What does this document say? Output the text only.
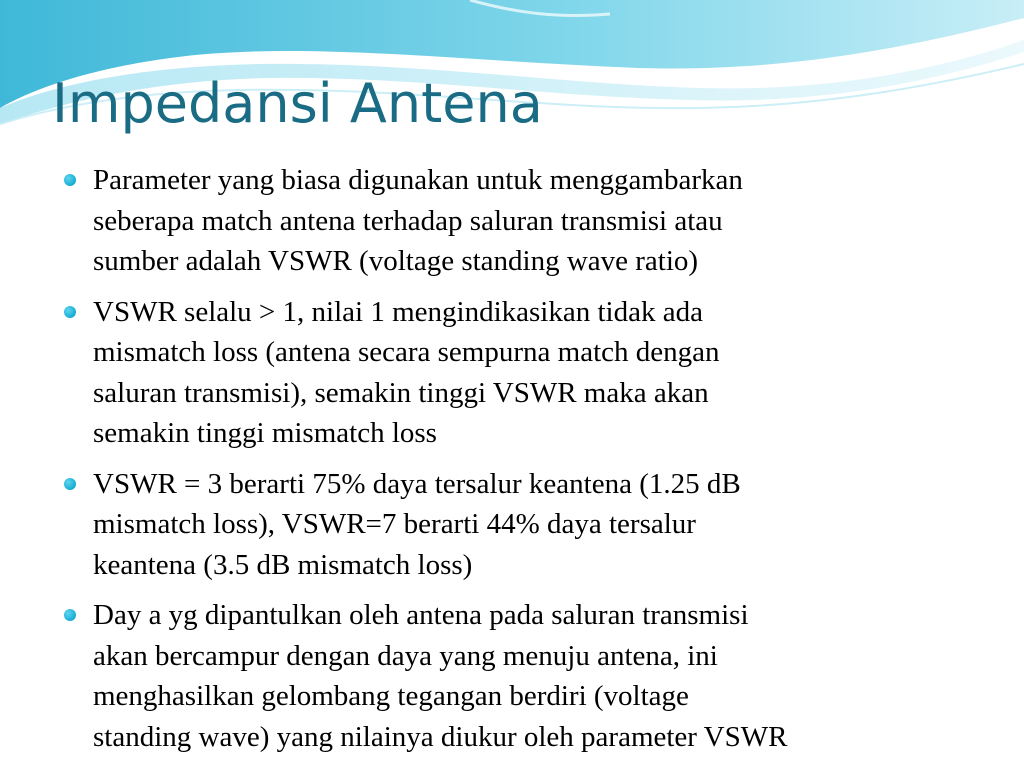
Impedansi Antena
Parameter yang biasa digunakan untuk menggambarkan
seberapa match antena terhadap saluran transmisi atau
sumber adalah VSWR (voltage standing wave ratio)
VSWR selalu > 1, nilai 1 mengindikasikan tidak ada
mismatch loss (antena secara sempurna match dengan
saluran transmisi), semakin tinggi VSWR maka akan
semakin tinggi mismatch loss
VSWR = 3 berarti 75% daya tersalur keantena (1.25 dB
mismatch loss), VSWR=7 berarti 44% daya tersalur
keantena (3.5 dB mismatch loss)
Day a yg dipantulkan oleh antena pada saluran transmisi
akan bercampur dengan daya yang menuju antena, ini
menghasilkan gelombang tegangan berdiri (voltage
standing wave) yang nilainya diukur oleh parameter VSWR
